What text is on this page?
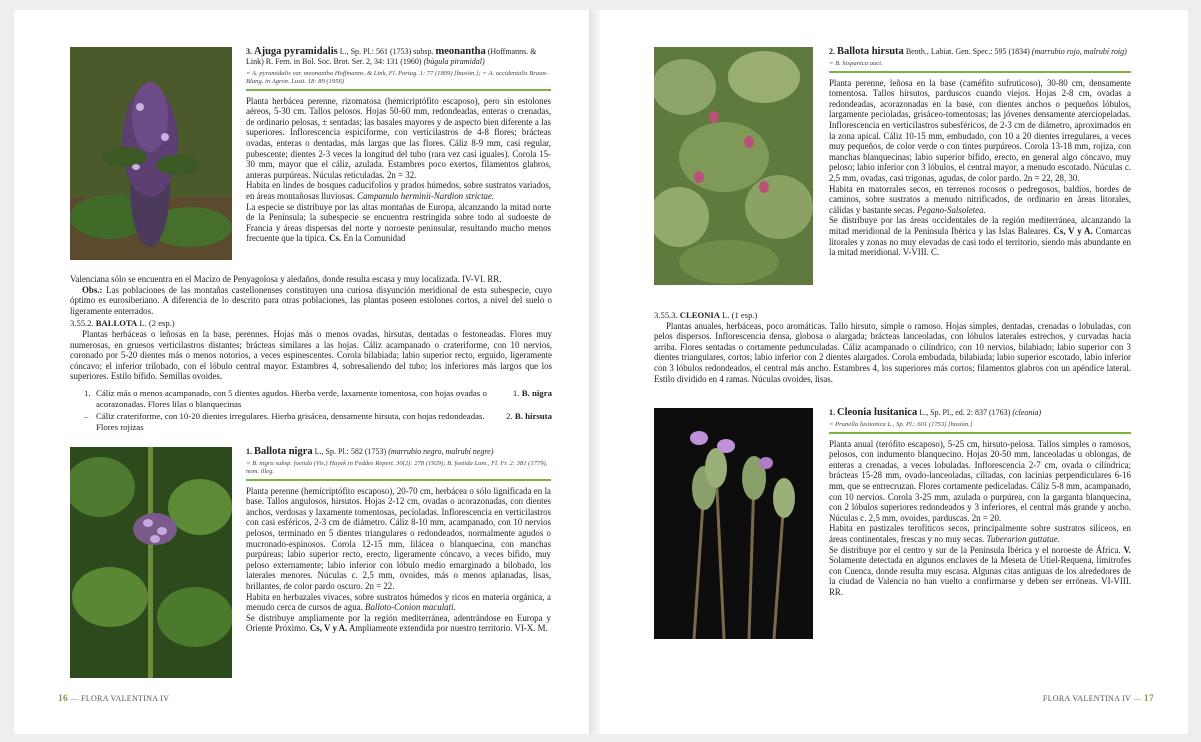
3. Ajuga pyramidalis L., Sp. Pl.: 561 (1753) subsp. meonantha (Hoffmanns. & Link) R. Fern. in Bol. Soc. Brot. Ser. 2, 34: 131 (1960) (búgula piramidal)
= A. pyramidalis var. meonantha Hoffmanns. & Link, Fl. Portug. 1: 77 (1809) [basión.]; = A. occidentalis Braun-Blang. in Agron. Lusit. 18: 89 (1956)

Planta herbácea perenne, rizomatosa (hemicriptófito escaposo), pero sin estolones aéreos, 5-30 cm. Tallos pelosos. Hojas 50-60 mm, redondeadas, enteras o crenadas, de ordinario pelosas, ± sentadas; las basales mayores y de aspecto bien diferente a las superiores. Inflorescencia espiciforme, con verticilastros de 4-8 flores; brácteas ovadas, enteras o dentadas, más largas que las flores. Cáliz 8-9 mm, casi regular, pubescente; dientes 2-3 veces la longitud del tubo (rara vez casi iguales). Corola 15-30 mm, mayor que el cáliz, azulada. Estambres poco exertos, filamentos glabros, anteras purpúreas. Núculas reticuladas. 2n = 32.

Habita en lindes de bosques caducifolios y prados húmedos, sobre sustratos variados, en áreas montañosas lluviosas. Campanulo herminii-Nardion strictae.

La especie se distribuye por las altas montañas de Europa, alcanzando la mitad norte de la Península; la subespecie se encuentra restringida sobre todo al sudoeste de Francia y áreas dispersas del norte y noroeste peninsular, resultando mucho menos frecuente que la típica. Cs. En la Comunidad

Valenciana sólo se encuentra en el Macizo de Penyagolosa y aledaños, donde resulta escasa y muy localizada. IV-VI. RR.

Obs.: Las poblaciones de las montañas castellonenses constituyen una curiosa disyunción meridional de esta subespecie, cuyo óptimo es eurosiberiano. A diferencia de lo descrito para otras poblaciones, las plantas poseen estolones cortos, a nivel del suelo o ligeramente enterrados.

3.55.2. BALLOTA L. (2 esp.)

Plantas herbáceas o leñosas en la base, perennes. Hojas más o menos ovadas, hirsutas, dentadas o festoneadas. Flores muy numerosas, en gruesos verticilastros distantes; brácteas similares a las hojas. Cáliz acampanado o crateriforme, con 10 nervios, coronado por 5-20 dientes más o menos notorios, a veces espinescentes. Corola bilabiada; labio superior recto, erguido, ligeramente cóncavo; el inferior trilobado, con el lóbulo central mayor. Estambres 4, sobresaliendo del tubo; los inferiores más largos que los superiores. Estilo bífido. Semillas ovoides.

1. Cáliz más o menos acampanado, con 5 dientes agudos. Hierba verde, laxamente tomentosa, con hojas ovadas o acorazonadas. Flores lilas o blanquecinas
1. B. nigra
– Cáliz crateriforme, con 10-20 dientes irregulares. Hierba grisácea, densamente hirsuta, con hojas redondeadas. Flores rojizas
2. B. hirsuta
1. Ballota nigra L., Sp. Pl.: 582 (1753) (marrubio negro, malrubí negre)
= B. nigra subsp. foetida (Vis.) Hayek in Feddes Repert. 30(2): 278 (1929); B. foetida Lam., Fl. Fr. 2: 381 (1779), nom. illeg.

Planta perenne (hemicriptófito escaposo), 20-70 cm, herbácea o sólo lignificada en la base. Tallos angulosos, hirsutos. Hojas 2-12 cm, ovadas o acorazonadas, con dientes anchos, verdosas y laxamente tomentosas, pecioladas. Inflorescencia en verticilastros con casi esféricos, 2-3 cm de diámetro. Cáliz 8-10 mm, acampanado, con 10 nervios pelosos, terminado en 5 dientes triangulares o redondeados, normalmente agudos o mucronado-espinosos. Corola 12-15 mm, lilácea o blanquecina, con manchas purpúreas; labio superior recto, erecto, ligeramente cóncavo, a veces bífido, muy peloso externamente; labio inferior con lóbulo medio emarginado a bilobado, los laterales menores. Núculas c. 2,5 mm, ovoides, más o menos aplanadas, lisas, brillantes, de color pardo oscuro. 2n = 22.

Habita en herbazales vivaces, sobre sustratos húmedos y ricos en materia orgánica, a menudo cerca de cursos de agua. Balloto-Conion maculati.

Se distribuye ampliamente por la región mediterránea, adentrándose en Europa y Oriente Próximo. Cs, V y A. Ampliamente extendida por nuestro territorio. VI-X. M.

16 — FLORA VALENTINA IV
2. Ballota hirsuta Benth., Labiat. Gen. Spec.: 595 (1834) (marrubio rojo, malrubí roig)
= B. hispanica auct.

Planta perenne, leñosa en la base (caméfito sufruticoso), 30-80 cm, densamente tomentosa. Tallos hirsutos, parduscos cuando viejos. Hojas 2-8 cm, ovadas a redondeadas, acorazonadas en la base, con dientes anchos o pequeños lóbulos, largamente pecioladas, grisáceo-tomentosas; las jóvenes densamente aterciopeladas. Inflorescencia en verticilastros subesféricos, de 2-3 cm de diámetro, aproximados en la zona apical. Cáliz 10-15 mm, embudado, con 10 a 20 dientes irregulares, a veces muy pequeños, de color verde o con tintes purpúreos. Corola 13-18 mm, rojiza, con manchas blanquecinas; labio superior bífido, erecto, en general algo cóncavo, muy peloso; labio inferior con 3 lóbulos, el central mayor, a menudo escotado. Núculas c. 2,5 mm, ovadas, casi trígonas, agudas, de color pardo. 2n = 22, 28, 30.

Habita en matorrales secos, en terrenos rocosos o pedregosos, baldíos, bordes de caminos, sobre sustratos a menudo nitrificados, de ordinario en áreas litorales, cálidas y bastante secas. Pegano-Salsoletea.

Se distribuye por las áreas occidentales de la región mediterránea, alcanzando la mitad meridional de la Península Ibérica y las Islas Baleares. Cs, V y A. Comarcas litorales y zonas no muy elevadas de casi todo el territorio, siendo más abundante en la mitad meridional. V-VIII. C.

3.55.3. CLEONIA L. (1 esp.)

Plantas anuales, herbáceas, poco aromáticas. Tallo hirsuto, simple o ramoso. Hojas simples, dentadas, crenadas o lobuladas, con pelos dispersos. Inflorescencia densa, globosa o alargada; brácteas lanceoladas, con lóbulos laterales estrechos, y curvadas hacia arriba. Flores sentadas o cortamente pedunculadas. Cáliz acampanado o cilíndrico, con 10 nervios, bilabiado; labio superior con 3 dientes triangulares, cortos; labio inferior con 2 dientes alargados. Corola embudada, bilabiada; labio superior escotado, labio inferior con 3 lóbulos redondeados, el central más ancho. Estambres 4, los superiores más cortos; filamentos glabros con un apéndice lateral. Estilo dividido en 4 ramas. Núculas ovoides, lisas.

1. Cleonia lusitanica L., Sp. Pl., ed. 2: 837 (1763) (cleonia)
= Prunella lusitanica L., Sp. Pl.: 601 (1753) [basión.]

Planta anual (terófito escaposo), 5-25 cm, hirsuto-pelosa. Tallos simples o ramosos, pelosos, con indumento blanquecino. Hojas 20-50 mm, lanceoladas u oblongas, de enteras a crenadas, a veces lobuladas. Inflorescencia 2-7 cm, ovada o cilíndrica; brácteas 15-28 mm, ovado-lanceoladas, ciliadas, con lacinias perpendiculares 6-16 mm, que se entrecruzan. Flores cortamente pediceladas. Cáliz 5-8 mm, acampanado, con 10 nervios. Corola 3-25 mm, azulada o purpúrea, con la garganta blanquecina, con 2 lóbulos superiores redondeados y 3 inferiores, el central más grande y ancho. Núculas c. 2,5 mm, ovoides, parduscas. 2n = 20.

Habita en pastizales terofíticos secos, principalmente sobre sustratos silíceos, en áreas continentales, frescas y no muy secas. Tuberarion guttatae.

Se distribuye por el centro y sur de la Península Ibérica y el noroeste de África. V. Solamente detectada en algunos enclaves de la Meseta de Utiel-Requena, limítrofes con Cuenca, donde resulta muy escasa. Algunas citas antiguas de los alrededores de la ciudad de Valencia no han vuelto a confirmarse y deben ser erróneas. VI-VIII. RR.

FLORA VALENTINA IV — 17
